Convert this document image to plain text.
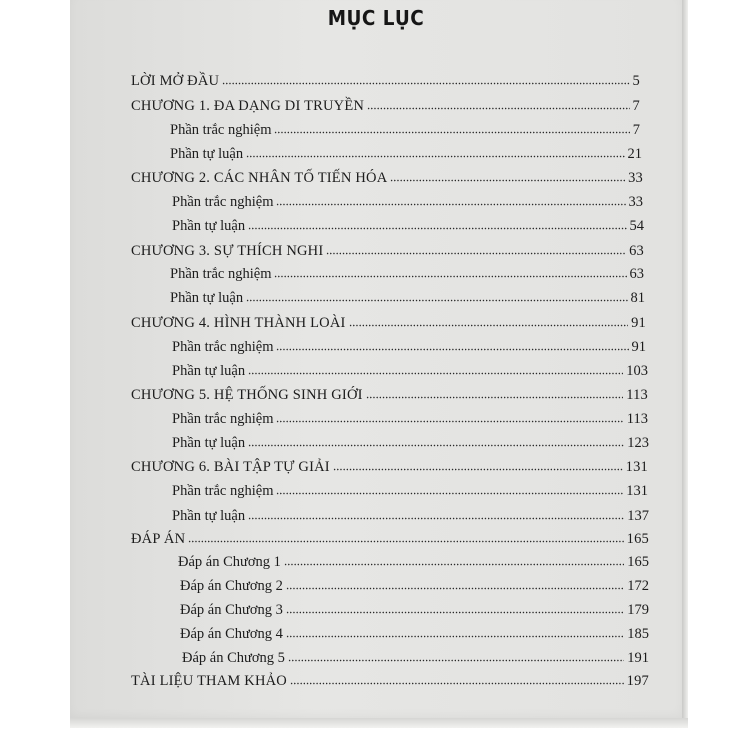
MỤC LỤC
LỜI MỞ ĐẦU	5
CHƯƠNG 1. ĐA DẠNG DI TRUYỀN	7
Phần trắc nghiệm	7
Phần tự luận	21
CHƯƠNG 2. CÁC NHÂN TỐ TIẾN HÓA	33
Phần trắc nghiệm	33
Phần tự luận	54
CHƯƠNG 3. SỰ THÍCH NGHI	63
Phần trắc nghiệm	63
Phần tự luận	81
CHƯƠNG 4. HÌNH THÀNH LOÀI	91
Phần trắc nghiệm	91
Phần tự luận	103
CHƯƠNG 5. HỆ THỐNG SINH GIỚI	113
Phần trắc nghiệm	113
Phần tự luận	123
CHƯƠNG 6. BÀI TẬP TỰ GIẢI	131
Phần trắc nghiệm	131
Phần tự luận	137
ĐÁP ÁN	165
Đáp án Chương 1	165
Đáp án Chương 2	172
Đáp án Chương 3	179
Đáp án Chương 4	185
Đáp án Chương 5	191
TÀI LIỆU THAM KHẢO	197
